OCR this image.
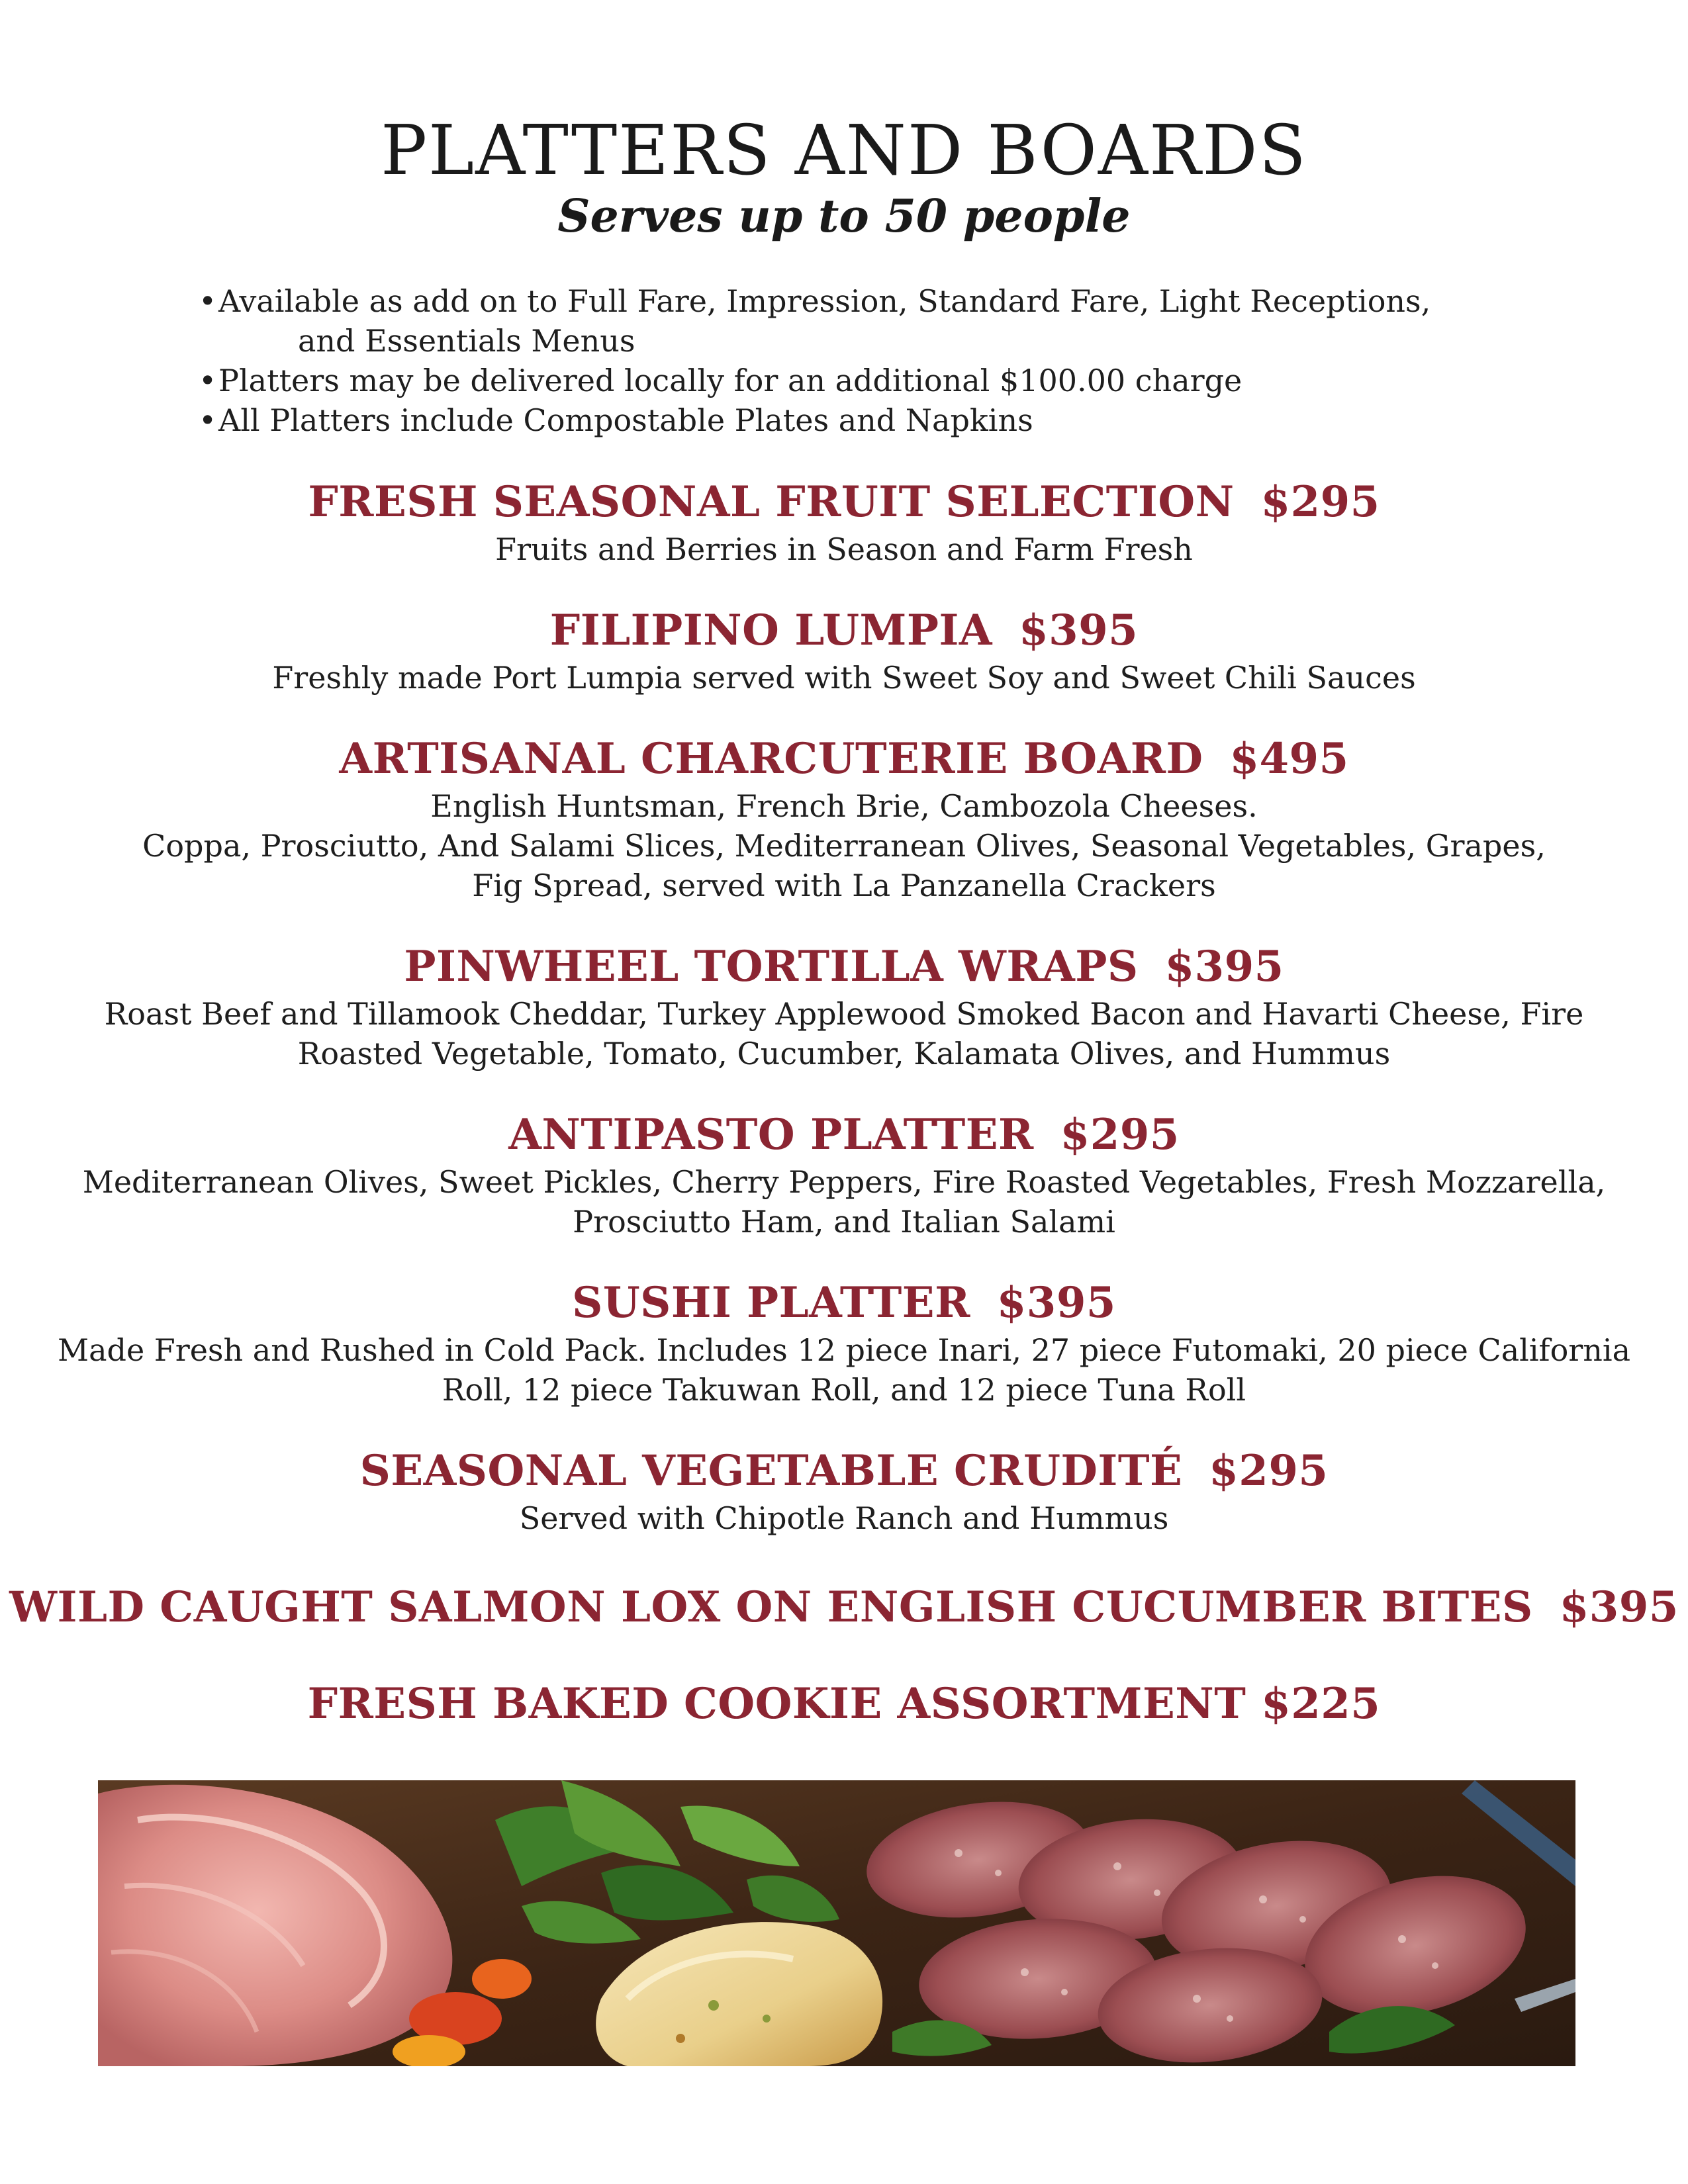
PLATTERS AND BOARDS
Serves up to 50 people
•Available as add on to Full Fare, Impression, Standard Fare, Light Receptions,
and Essentials Menus
•Platters may be delivered locally for an additional $100.00 charge
•All Platters include Compostable Plates and Napkins

FRESH SEASONAL FRUIT SELECTION $295

Fruits and Berries in Season and Farm Fresh

FILIPINO LUMPIA $395

Freshly made Port Lumpia served with Sweet Soy and Sweet Chili Sauces

ARTISANAL CHARCUTERIE BOARD $495

English Huntsman, French Brie, Cambozola Cheeses.
Coppa, Prosciutto, And Salami Slices, Mediterranean Olives, Seasonal Vegetables, Grapes,
Fig Spread, served with La Panzanella Crackers

PINWHEEL TORTILLA WRAPS $395

Roast Beef and Tillamook Cheddar, Turkey Applewood Smoked Bacon and Havarti Cheese, Fire
Roasted Vegetable, Tomato, Cucumber, Kalamata Olives, and Hummus

ANTIPASTO PLATTER $295

Mediterranean Olives, Sweet Pickles, Cherry Peppers, Fire Roasted Vegetables, Fresh Mozzarella,
Prosciutto Ham, and Italian Salami

SUSHI PLATTER $395

Made Fresh and Rushed in Cold Pack. Includes 12 piece Inari, 27 piece Futomaki, 20 piece California
Roll, 12 piece Takuwan Roll, and 12 piece Tuna Roll

SEASONAL VEGETABLE CRUDITÉ $295

Served with Chipotle Ranch and Hummus

WILD CAUGHT SALMON LOX ON ENGLISH CUCUMBER BITES $395

FRESH BAKED COOKIE ASSORTMENT $225
